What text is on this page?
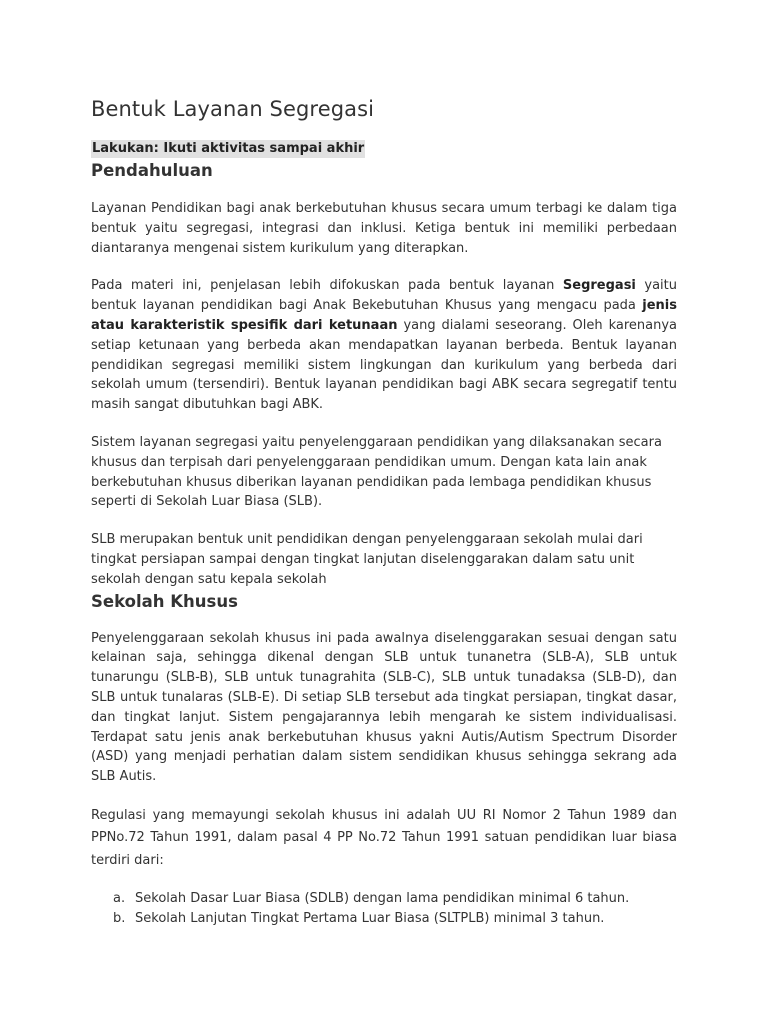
Bentuk Layanan Segregasi
Lakukan: Ikuti aktivitas sampai akhir
Pendahuluan

Layanan Pendidikan bagi anak berkebutuhan khusus secara umum terbagi ke dalam tiga bentuk yaitu segregasi, integrasi dan inklusi. Ketiga bentuk ini memiliki perbedaan diantaranya mengenai sistem kurikulum yang diterapkan.

Pada materi ini, penjelasan lebih difokuskan pada bentuk layanan Segregasi yaitu bentuk layanan pendidikan bagi Anak Bekebutuhan Khusus yang mengacu pada jenis atau karakteristik spesifik dari ketunaan yang dialami seseorang. Oleh karenanya setiap ketunaan yang berbeda akan mendapatkan layanan berbeda. Bentuk layanan pendidikan segregasi memiliki sistem lingkungan dan kurikulum yang berbeda dari sekolah umum (tersendiri). Bentuk layanan pendidikan bagi ABK secara segregatif tentu masih sangat dibutuhkan bagi ABK.

Sistem layanan segregasi yaitu penyelenggaraan pendidikan yang dilaksanakan secara khusus dan terpisah dari penyelenggaraan pendidikan umum. Dengan kata lain anak berkebutuhan khusus diberikan layanan pendidikan pada lembaga pendidikan khusus seperti di Sekolah Luar Biasa (SLB).

SLB merupakan bentuk unit pendidikan dengan penyelenggaraan sekolah mulai dari tingkat persiapan sampai dengan tingkat lanjutan diselenggarakan dalam satu unit sekolah dengan satu kepala sekolah

Sekolah Khusus

Penyelenggaraan sekolah khusus ini pada awalnya diselenggarakan sesuai dengan satu kelainan saja, sehingga dikenal dengan SLB untuk tunanetra (SLB-A), SLB untuk tunarungu (SLB-B), SLB untuk tunagrahita (SLB-C), SLB untuk tunadaksa (SLB-D), dan SLB untuk tunalaras (SLB-E). Di setiap SLB tersebut ada tingkat persiapan, tingkat dasar, dan tingkat lanjut. Sistem pengajarannya lebih mengarah ke sistem individualisasi. Terdapat satu jenis anak berkebutuhan khusus yakni Autis/Autism Spectrum Disorder (ASD) yang menjadi perhatian dalam sistem sendidikan khusus sehingga sekrang ada SLB Autis.

Regulasi yang memayungi sekolah khusus ini adalah UU RI Nomor 2 Tahun 1989 dan PPNo.72 Tahun 1991, dalam pasal 4 PP No.72 Tahun 1991 satuan pendidikan luar biasa terdiri dari:

a. Sekolah Dasar Luar Biasa (SDLB) dengan lama pendidikan minimal 6 tahun.
b. Sekolah Lanjutan Tingkat Pertama Luar Biasa (SLTPLB) minimal 3 tahun.
